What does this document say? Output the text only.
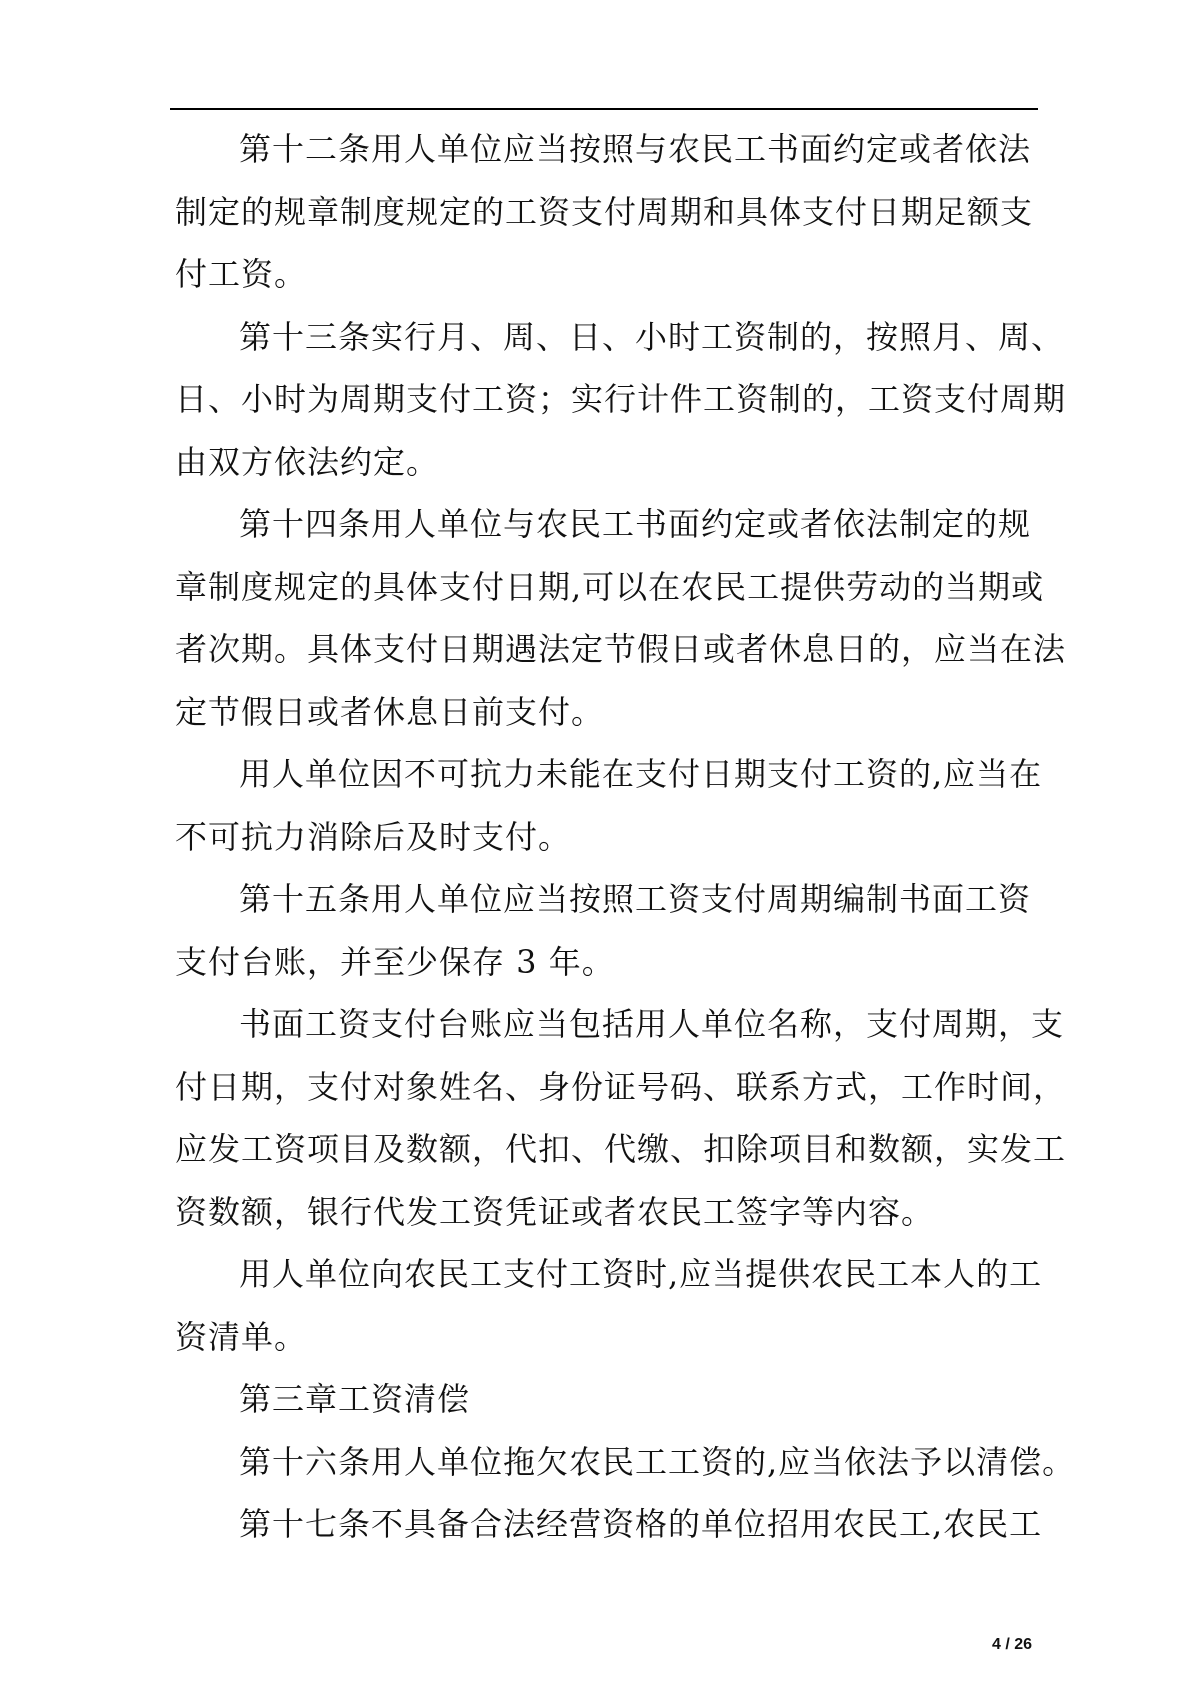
第十二条用人单位应当按照与农民工书面约定或者依法
制定的规章制度规定的工资支付周期和具体支付日期足额支
付工资。
第十三条实行月、周、日、小时工资制的，按照月、周、
日、小时为周期支付工资；实行计件工资制的，工资支付周期
由双方依法约定。
第十四条用人单位与农民工书面约定或者依法制定的规
章制度规定的具体支付日期,可以在农民工提供劳动的当期或
者次期。具体支付日期遇法定节假日或者休息日的，应当在法
定节假日或者休息日前支付。
用人单位因不可抗力未能在支付日期支付工资的,应当在
不可抗力消除后及时支付。
第十五条用人单位应当按照工资支付周期编制书面工资
支付台账，并至少保存 3 年。
书面工资支付台账应当包括用人单位名称，支付周期，支
付日期，支付对象姓名、身份证号码、联系方式，工作时间，
应发工资项目及数额，代扣、代缴、扣除项目和数额，实发工
资数额，银行代发工资凭证或者农民工签字等内容。
用人单位向农民工支付工资时,应当提供农民工本人的工
资清单。
第三章工资清偿
第十六条用人单位拖欠农民工工资的,应当依法予以清偿。
第十七条不具备合法经营资格的单位招用农民工,农民工
4 / 26
